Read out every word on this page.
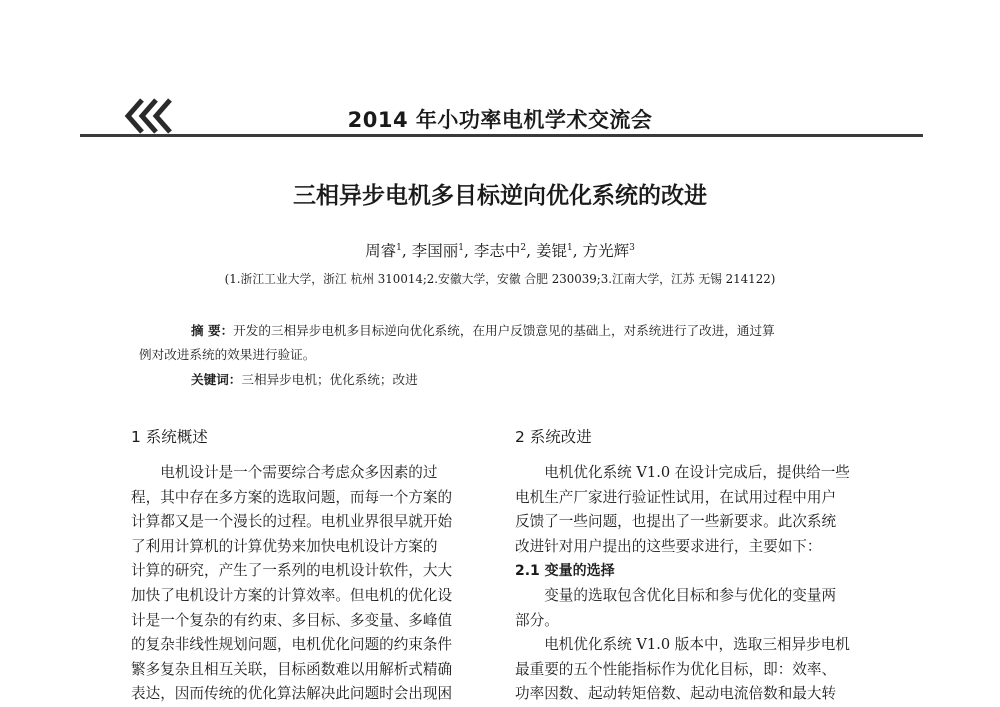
2014 年小功率电机学术交流会
三相异步电机多目标逆向优化系统的改进
周睿$^1$, 李国丽$^1$, 李志中$^2$, 姜锟$^1$, 方光辉$^3$
(1.浙江工业大学，浙江 杭州 310014;2.安徽大学，安徽 合肥 230039;3.江南大学，江苏 无锡 214122)
摘 要：开发的三相异步电机多目标逆向优化系统，在用户反馈意见的基础上，对系统进行了改进，通过算
例对改进系统的效果进行验证。
关键词：三相异步电机；优化系统；改进
1 系统概述

电机设计是一个需要综合考虑众多因素的过
程，其中存在多方案的选取问题，而每一个方案的
计算都又是一个漫长的过程。电机业界很早就开始
了利用计算机的计算优势来加快电机设计方案的
计算的研究，产生了一系列的电机设计软件，大大
加快了电机设计方案的计算效率。但电机的优化设
计是一个复杂的有约束、多目标、多变量、多峰值
的复杂非线性规划问题，电机优化问题的约束条件
繁多复杂且相互关联，目标函数难以用解析式精确
表达，因而传统的优化算法解决此问题时会出现困

2 系统改进

电机优化系统 V1.0 在设计完成后，提供给一些
电机生产厂家进行验证性试用，在试用过程中用户
反馈了一些问题，也提出了一些新要求。此次系统
改进针对用户提出的这些要求进行，主要如下：

2.1 变量的选择

变量的选取包含优化目标和参与优化的变量两
部分。

电机优化系统 V1.0 版本中，选取三相异步电机
最重要的五个性能指标作为优化目标，即：效率、
功率因数、起动转矩倍数、起动电流倍数和最大转
